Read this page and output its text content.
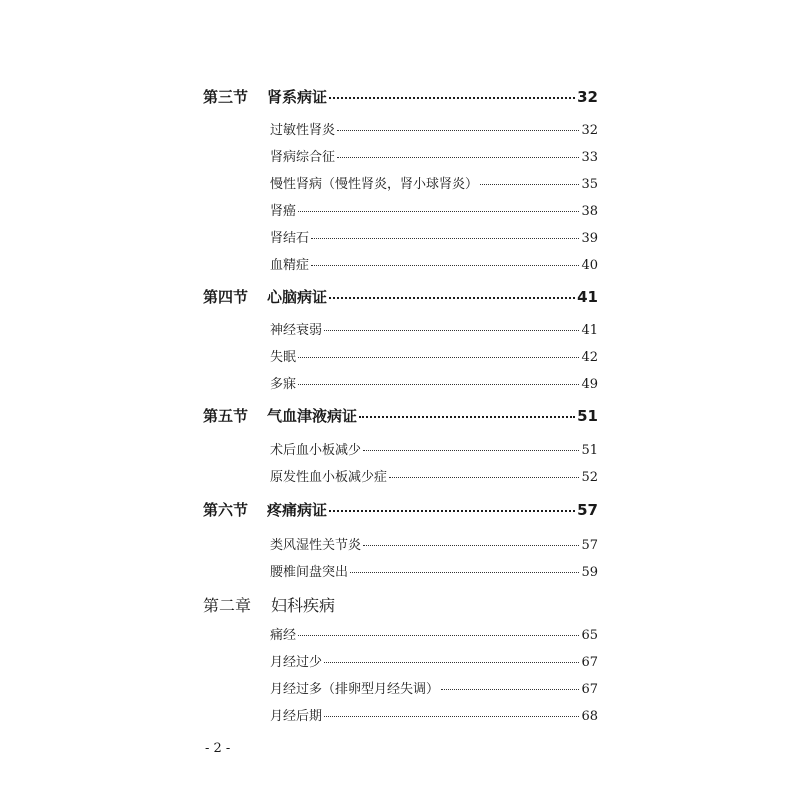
第三节	肾系病证	32
过敏性肾炎	32
肾病综合征	33
慢性肾病（慢性肾炎，肾小球肾炎）	35
肾癌	38
肾结石	39
血精症	40
第四节	心脑病证	41
神经衰弱	41
失眠	42
多寐	49
第五节	气血津液病证	51
术后血小板减少	51
原发性血小板减少症	52
第六节	疼痛病证	57
类风湿性关节炎	57
腰椎间盘突出	59
第二章	妇科疾病
痛经	65
月经过少	67
月经过多（排卵型月经失调）	67
月经后期	68
- 2 -
